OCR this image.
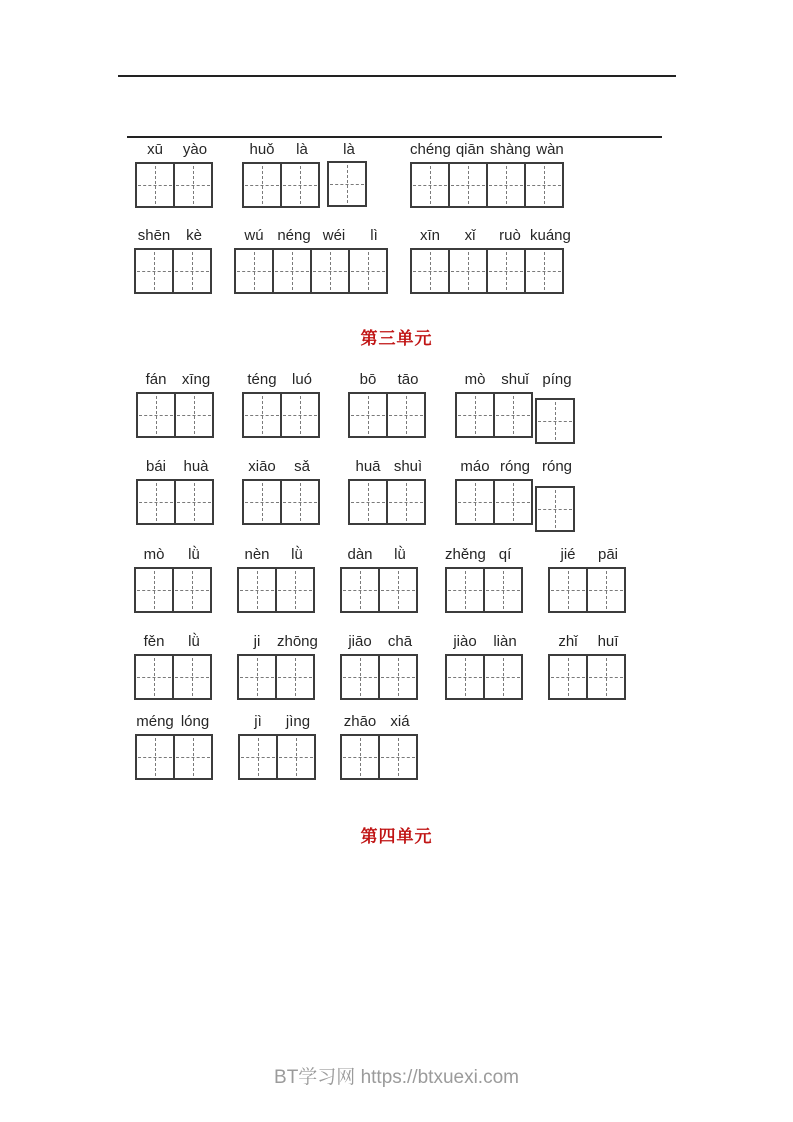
第三单元
xū	yào	huǒ	là	là	chéng qiān shàng wàn
shēn	kè	wú néng wéi	lì	xīn	xǐ	ruò kuáng
fán	xīng	téng	luó	bō	tāo	mò	shuǐ píng
bái	huà	xiāo	sǎ	huā shuì	máo róng róng
mò	lǜ	nèn	lǜ	dàn	lǜ	zhěng qí	jié	pāi
fěn	lǜ	ji	zhōng	jiāo	chā	jiào	liàn	zhǐ	huī
méng lóng	jì	jìng	zhāo xiá
第四单元
BT学习网 https://btxuexi.com
